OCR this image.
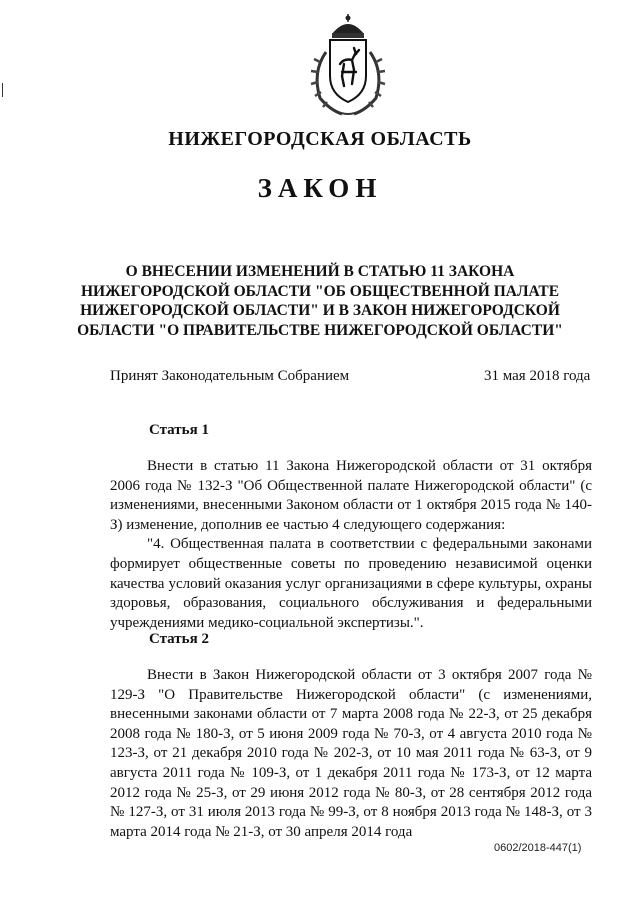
НИЖЕГОРОДСКАЯ ОБЛАСТЬ
ЗАКОН
О ВНЕСЕНИИ ИЗМЕНЕНИЙ В СТАТЬЮ 11 ЗАКОНА
НИЖЕГОРОДСКОЙ ОБЛАСТИ "ОБ ОБЩЕСТВЕННОЙ ПАЛАТЕ
НИЖЕГОРОДСКОЙ ОБЛАСТИ" И В ЗАКОН НИЖЕГОРОДСКОЙ
ОБЛАСТИ "О ПРАВИТЕЛЬСТВЕ НИЖЕГОРОДСКОЙ ОБЛАСТИ"
Принят Законодательным Собранием	31 мая 2018 года
Статья 1

Внести в статью 11 Закона Нижегородской области от 31 октября 2006 года № 132-З "Об Общественной палате Нижегородской области" (с изменениями, внесенными Законом области от 1 октября 2015 года № 140-З) изменение, дополнив ее частью 4 следующего содержания:

"4. Общественная палата в соответствии с федеральными законами формирует общественные советы по проведению независимой оценки качества условий оказания услуг организациями в сфере культуры, охраны здоровья, образования, социального обслуживания и федеральными учреждениями медико-социальной экспертизы.".

Статья 2

Внести в Закон Нижегородской области от 3 октября 2007 года № 129-З "О Правительстве Нижегородской области" (с изменениями, внесенными законами области от 7 марта 2008 года № 22-З, от 25 декабря 2008 года № 180-З, от 5 июня 2009 года № 70-З, от 4 августа 2010 года № 123-З, от 21 декабря 2010 года № 202-З, от 10 мая 2011 года № 63-З, от 9 августа 2011 года № 109-З, от 1 декабря 2011 года № 173-З, от 12 марта 2012 года № 25-З, от 29 июня 2012 года № 80-З, от 28 сентября 2012 года № 127-З, от 31 июля 2013 года № 99-З, от 8 ноября 2013 года № 148-З, от 3 марта 2014 года № 21-З, от 30 апреля 2014 года

0602/2018-447(1)
